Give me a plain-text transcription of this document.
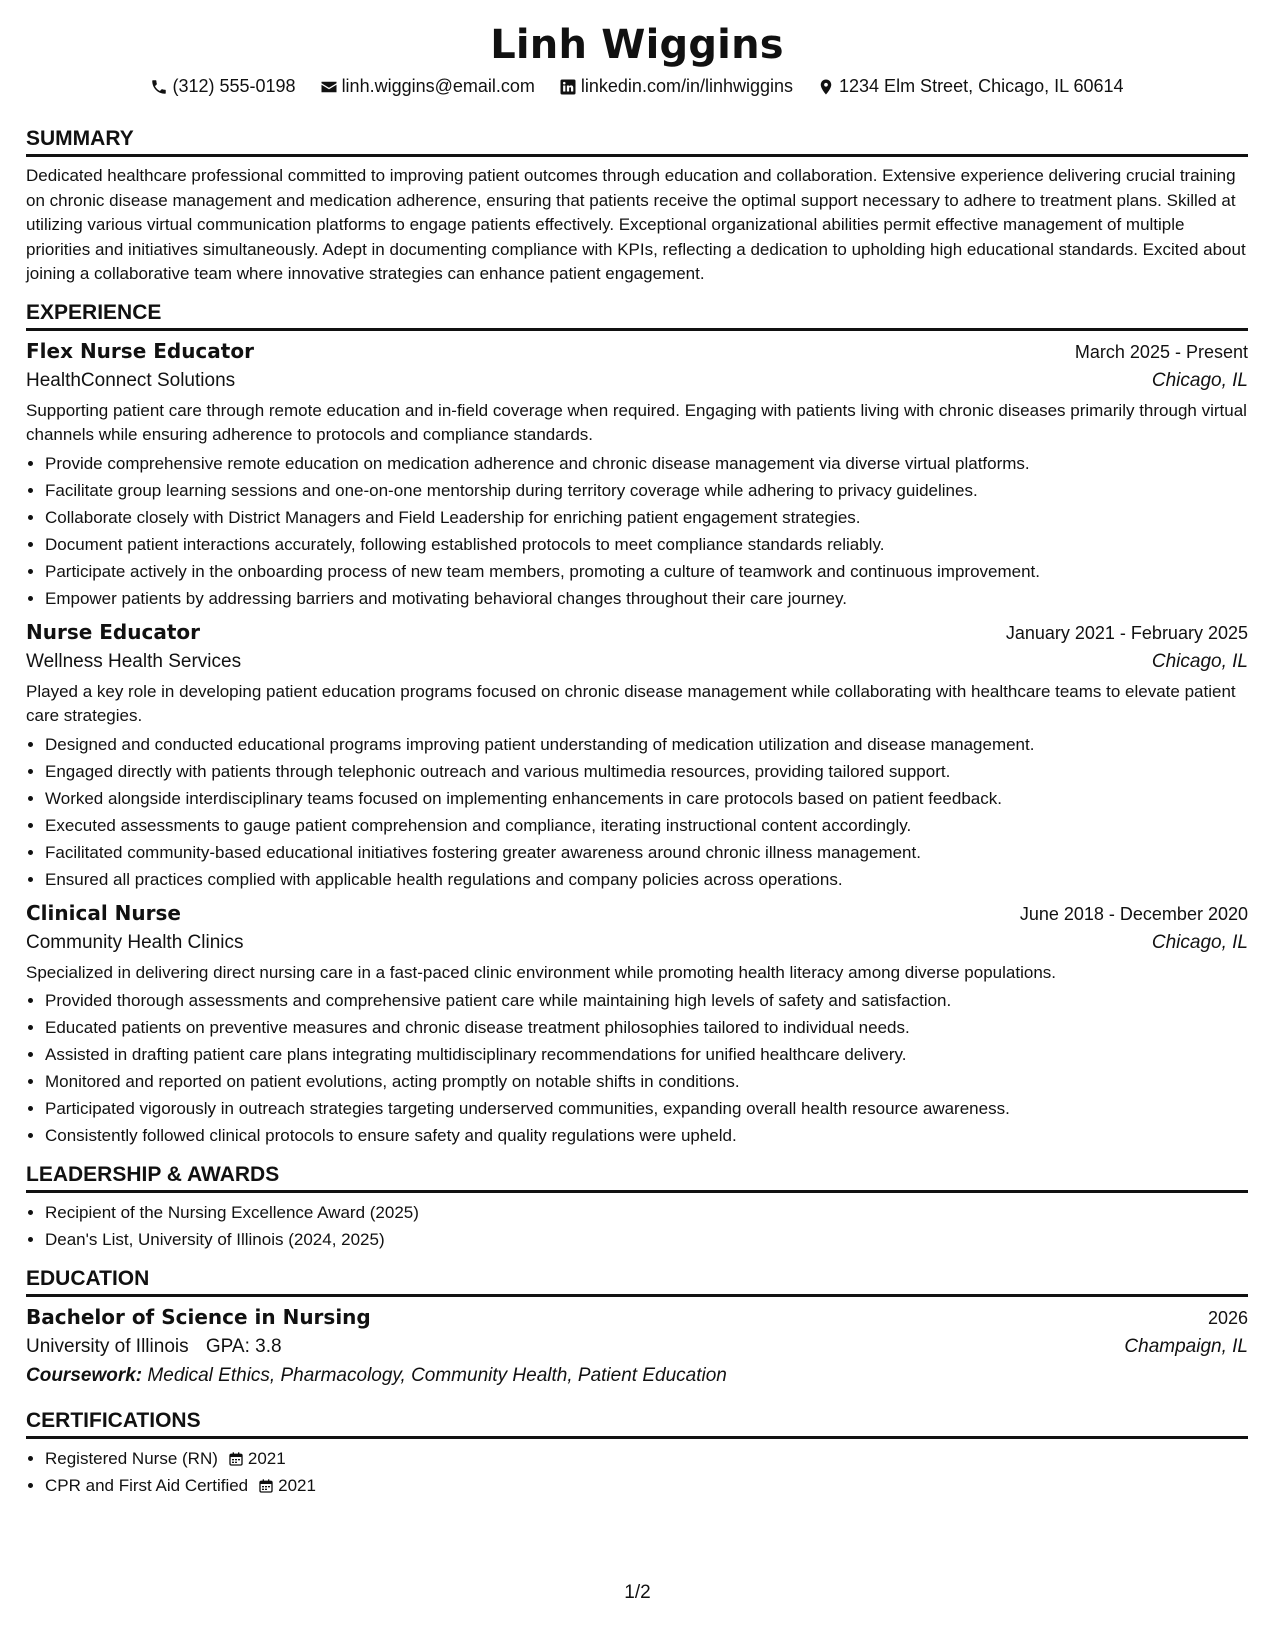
Linh Wiggins
(312) 555-0198	linh.wiggins@email.com	linkedin.com/in/linhwiggins	1234 Elm Street, Chicago, IL 60614
SUMMARY
Dedicated healthcare professional committed to improving patient outcomes through education and collaboration. Extensive experience delivering crucial training on chronic disease management and medication adherence, ensuring that patients receive the optimal support necessary to adhere to treatment plans. Skilled at utilizing various virtual communication platforms to engage patients effectively. Exceptional organizational abilities permit effective management of multiple priorities and initiatives simultaneously. Adept in documenting compliance with KPIs, reflecting a dedication to upholding high educational standards. Excited about joining a collaborative team where innovative strategies can enhance patient engagement.
EXPERIENCE
Flex Nurse Educator	March 2025 - Present
HealthConnect Solutions	Chicago, IL
Supporting patient care through remote education and in-field coverage when required. Engaging with patients living with chronic diseases primarily through virtual channels while ensuring adherence to protocols and compliance standards.
• Provide comprehensive remote education on medication adherence and chronic disease management via diverse virtual platforms.
• Facilitate group learning sessions and one-on-one mentorship during territory coverage while adhering to privacy guidelines.
• Collaborate closely with District Managers and Field Leadership for enriching patient engagement strategies.
• Document patient interactions accurately, following established protocols to meet compliance standards reliably.
• Participate actively in the onboarding process of new team members, promoting a culture of teamwork and continuous improvement.
• Empower patients by addressing barriers and motivating behavioral changes throughout their care journey.
Nurse Educator	January 2021 - February 2025
Wellness Health Services	Chicago, IL
Played a key role in developing patient education programs focused on chronic disease management while collaborating with healthcare teams to elevate patient care strategies.
• Designed and conducted educational programs improving patient understanding of medication utilization and disease management.
• Engaged directly with patients through telephonic outreach and various multimedia resources, providing tailored support.
• Worked alongside interdisciplinary teams focused on implementing enhancements in care protocols based on patient feedback.
• Executed assessments to gauge patient comprehension and compliance, iterating instructional content accordingly.
• Facilitated community-based educational initiatives fostering greater awareness around chronic illness management.
• Ensured all practices complied with applicable health regulations and company policies across operations.
Clinical Nurse	June 2018 - December 2020
Community Health Clinics	Chicago, IL
Specialized in delivering direct nursing care in a fast-paced clinic environment while promoting health literacy among diverse populations.
• Provided thorough assessments and comprehensive patient care while maintaining high levels of safety and satisfaction.
• Educated patients on preventive measures and chronic disease treatment philosophies tailored to individual needs.
• Assisted in drafting patient care plans integrating multidisciplinary recommendations for unified healthcare delivery.
• Monitored and reported on patient evolutions, acting promptly on notable shifts in conditions.
• Participated vigorously in outreach strategies targeting underserved communities, expanding overall health resource awareness.
• Consistently followed clinical protocols to ensure safety and quality regulations were upheld.
LEADERSHIP & AWARDS
• Recipient of the Nursing Excellence Award (2025)
• Dean's List, University of Illinois (2024, 2025)
EDUCATION
Bachelor of Science in Nursing	2026
University of Illinois GPA: 3.8	Champaign, IL
Coursework: Medical Ethics, Pharmacology, Community Health, Patient Education
CERTIFICATIONS
• Registered Nurse (RN) 2021
• CPR and First Aid Certified 2021
1/2
